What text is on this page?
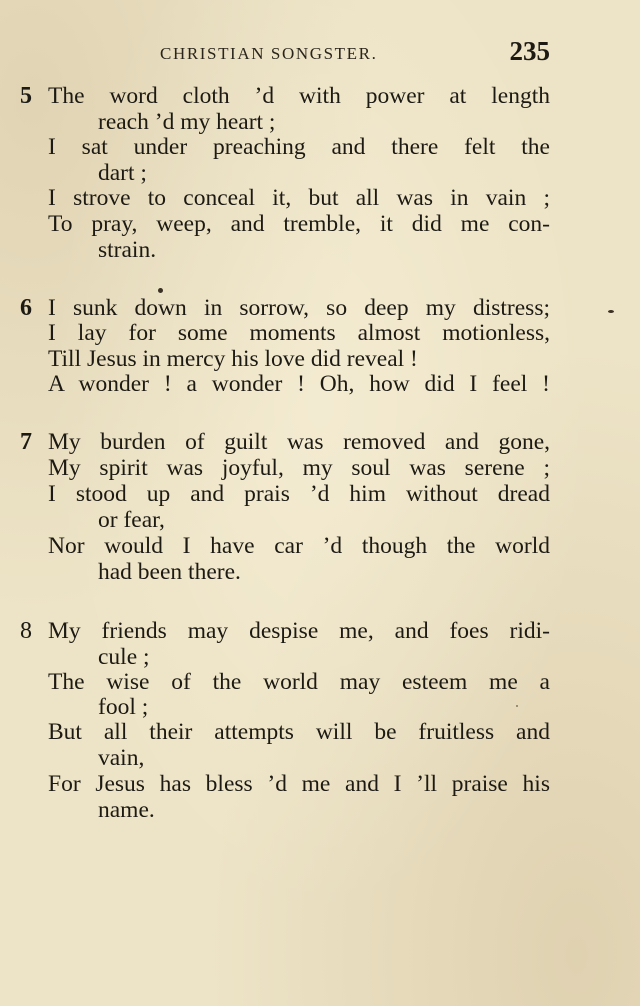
CHRISTIAN SONGSTER.	235
5 The word cloth ’d with power at length
reach ’d my heart ;
I sat under preaching and there felt the
dart ;
I strove to conceal it, but all was in vain ;
To pray, weep, and tremble, it did me con-
strain.
6 I sunk down in sorrow, so deep my distress;
I lay for some moments almost motionless,
Till Jesus in mercy his love did reveal !
A wonder ! a wonder ! Oh, how did I feel !
7 My burden of guilt was removed and gone,
My spirit was joyful, my soul was serene ;
I stood up and prais ’d him without dread
or fear,
Nor would I have car ’d though the world
had been there.
8 My friends may despise me, and foes ridi-
cule ;
The wise of the world may esteem me a
fool ;
But all their attempts will be fruitless and
vain,
For Jesus has bless ’d me and I ’ll praise his
name.
